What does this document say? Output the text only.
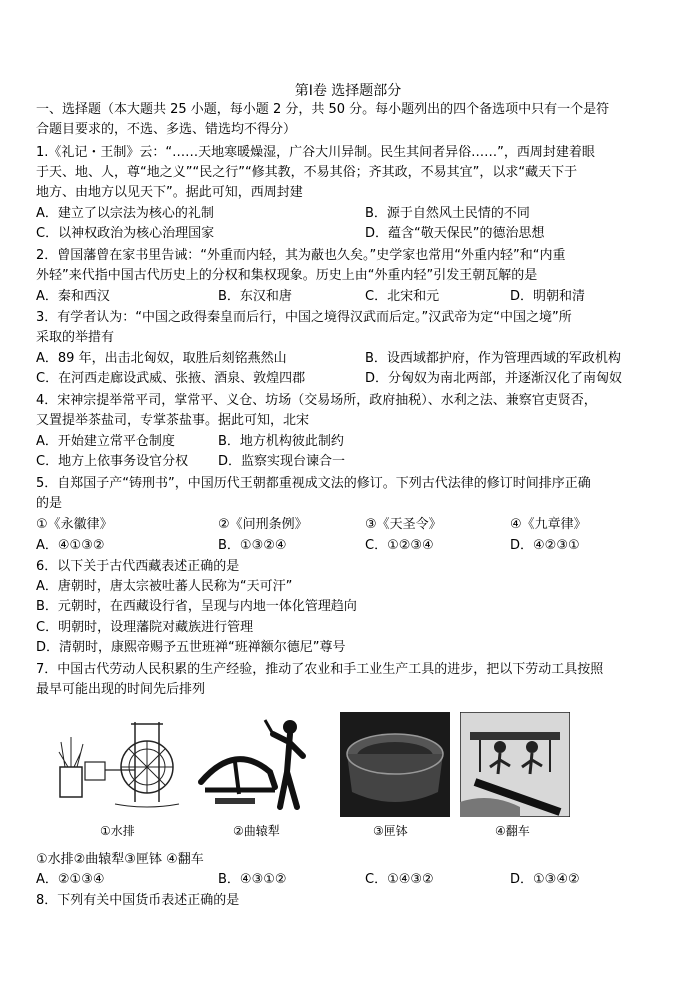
第Ⅰ卷 选择题部分
一、选择题（本大题共 25 小题，每小题 2 分，共 50 分。每小题列出的四个备选项中只有一个是符
合题目要求的，不选、多选、错选均不得分）
1.《礼记・王制》云：“……天地寒暖燥湿，广谷大川异制。民生其间者异俗……”，西周封建着眼
于天、地、人，尊“地之义”“民之行”“修其教，不易其俗；齐其政，不易其宜”，以求“藏天下于
地方、由地方以见天下”。据此可知，西周封建
A．建立了以宗法为核心的礼制	B．源于自然风土民情的不同
C．以神权政治为核心治理国家	D．蕴含“敬天保民”的德治思想
2．曾国藩曾在家书里告诫：“外重而内轻，其为蔽也久矣。”史学家也常用“外重内轻”和“内重
外轻”来代指中国古代历史上的分权和集权现象。历史上由“外重内轻”引发王朝瓦解的是
A．秦和西汉	B．东汉和唐	C．北宋和元	D．明朝和清
3．有学者认为：“中国之政得秦皇而后行，中国之境得汉武而后定。”汉武帝为定“中国之境”所
采取的举措有
A．89 年，出击北匈奴，取胜后刻铭燕然山	B．设西域都护府，作为管理西域的军政机构
C．在河西走廊设武威、张掖、酒泉、敦煌四郡	D．分匈奴为南北两部，并逐渐汉化了南匈奴
4．宋神宗提举常平司，掌常平、义仓、坊场（交易场所，政府抽税）、水利之法、兼察官吏贤否，
又置提举茶盐司，专掌茶盐事。据此可知，北宋
A．开始建立常平仓制度	B．地方机构彼此制约
C．地方上依事务设官分权 D．监察实现台谏合一
5．自郑国子产“铸刑书”，中国历代王朝都重视成文法的修订。下列古代法律的修订时间排序正确
的是
①《永徽律》	②《问刑条例》	③《天圣令》	④《九章律》
A．④①③②	B．①③②④	C．①②③④	D．④②③①
6．以下关于古代西藏表述正确的是
A．唐朝时，唐太宗被吐蕃人民称为“天可汗”
B．元朝时，在西藏设行省，呈现与内地一体化管理趋向
C．明朝时，设理藩院对藏族进行管理
D．清朝时，康熙帝赐予五世班禅“班禅额尔德尼”尊号
7．中国古代劳动人民积累的生产经验，推动了农业和手工业生产工具的进步，把以下劳动工具按照
最早可能出现的时间先后排列
①水排	②曲辕犁	③匣钵	④翻车
①水排②曲辕犁③匣钵 ④翻车
A．②①③④	B．④③①②	C．①④③②	D．①③④②
8．下列有关中国货币表述正确的是
